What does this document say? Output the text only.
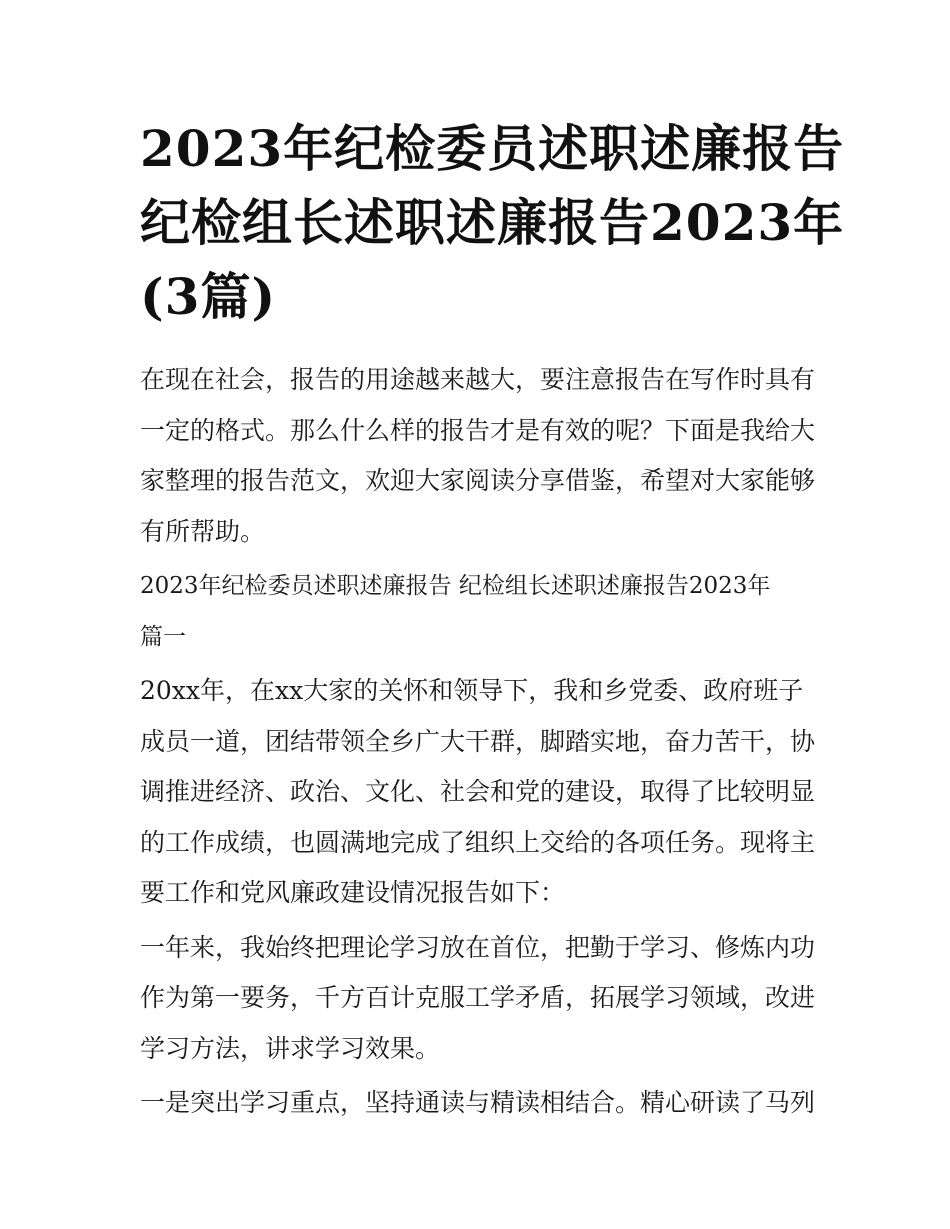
2023年纪检委员述职述廉报告
纪检组长述职述廉报告2023年
(3篇)
在现在社会，报告的用途越来越大，要注意报告在写作时具有
一定的格式。那么什么样的报告才是有效的呢？下面是我给大
家整理的报告范文，欢迎大家阅读分享借鉴，希望对大家能够
有所帮助。
2023年纪检委员述职述廉报告 纪检组长述职述廉报告2023年
篇一
20xx年，在xx大家的关怀和领导下，我和乡党委、政府班子
成员一道，团结带领全乡广大干群，脚踏实地，奋力苦干，协
调推进经济、政治、文化、社会和党的建设，取得了比较明显
的工作成绩，也圆满地完成了组织上交给的各项任务。现将主
要工作和党风廉政建设情况报告如下：
一年来，我始终把理论学习放在首位，把勤于学习、修炼内功
作为第一要务，千方百计克服工学矛盾，拓展学习领域，改进
学习方法，讲求学习效果。
一是突出学习重点，坚持通读与精读相结合。精心研读了马列
